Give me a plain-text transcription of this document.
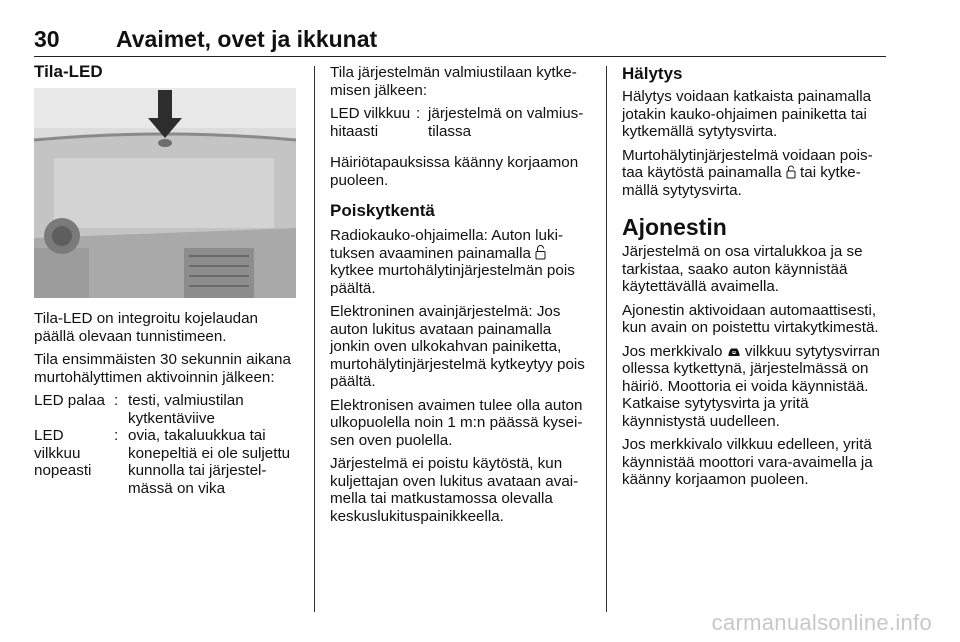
30 Avaimet, ovet ja ikkunat
Tila-LED

Tila-LED on integroitu kojelaudan päällä olevaan tunnistimeen.

Tila ensimmäisten 30 sekunnin aikana murtohälyttimen aktivoinnin jälkeen:

LED palaa : testi, valmiustilan kytkentäviive
LED vilkkuu nopeasti
: ovia, takaluukkua tai konepeltiä ei ole suljettu kunnolla tai järjestelmässä on vika

Tila järjestelmän valmiustilaan kytkemisen jälkeen:

LED vilkkuu hitaasti
: järjestelmä on valmiustilassa

Häiriötapauksissa käänny korjaamon puoleen.

Poiskytkentä

Radiokauko-ohjaimella: Auton lukituksen avaaminen painamalla  kytkee murtohälytinjärjestelmän pois päältä.

Elektroninen avainjärjestelmä: Jos auton lukitus avataan painamalla jonkin oven ulkokahvan painiketta, murtohälytinjärjestelmä kytkeytyy pois päältä.

Elektronisen avaimen tulee olla auton ulkopuolella noin 1 m:n päässä kyseisen oven puolella.

Järjestelmä ei poistu käytöstä, kun kuljettajan oven lukitus avataan avaimella tai matkustamossa olevalla keskuslukituspainikkeella.

Hälytys

Hälytys voidaan katkaista painamalla jotakin kauko-ohjaimen painiketta tai kytkemällä sytytysvirta.

Murtohälytinjärjestelmä voidaan poistaa käytöstä painamalla tai kytkemällä sytytysvirta.

Ajonestin

Järjestelmä on osa virtalukkoa ja se tarkistaa, saako auton käynnistää käytettävällä avaimella.

Ajonestin aktivoidaan automaattisesti, kun avain on poistettu virtakytkimestä.

Jos merkkivalo vilkkuu sytytysvirran ollessa kytkettynä, järjestelmässä on häiriö. Moottoria ei voida käynnistää. Katkaise sytytysvirta ja yritä käynnistystä uudelleen.

Jos merkkivalo vilkkuu edelleen, yritä käynnistää moottori vara-avaimella ja käänny korjaamon puoleen.

carmanualsonline.info
